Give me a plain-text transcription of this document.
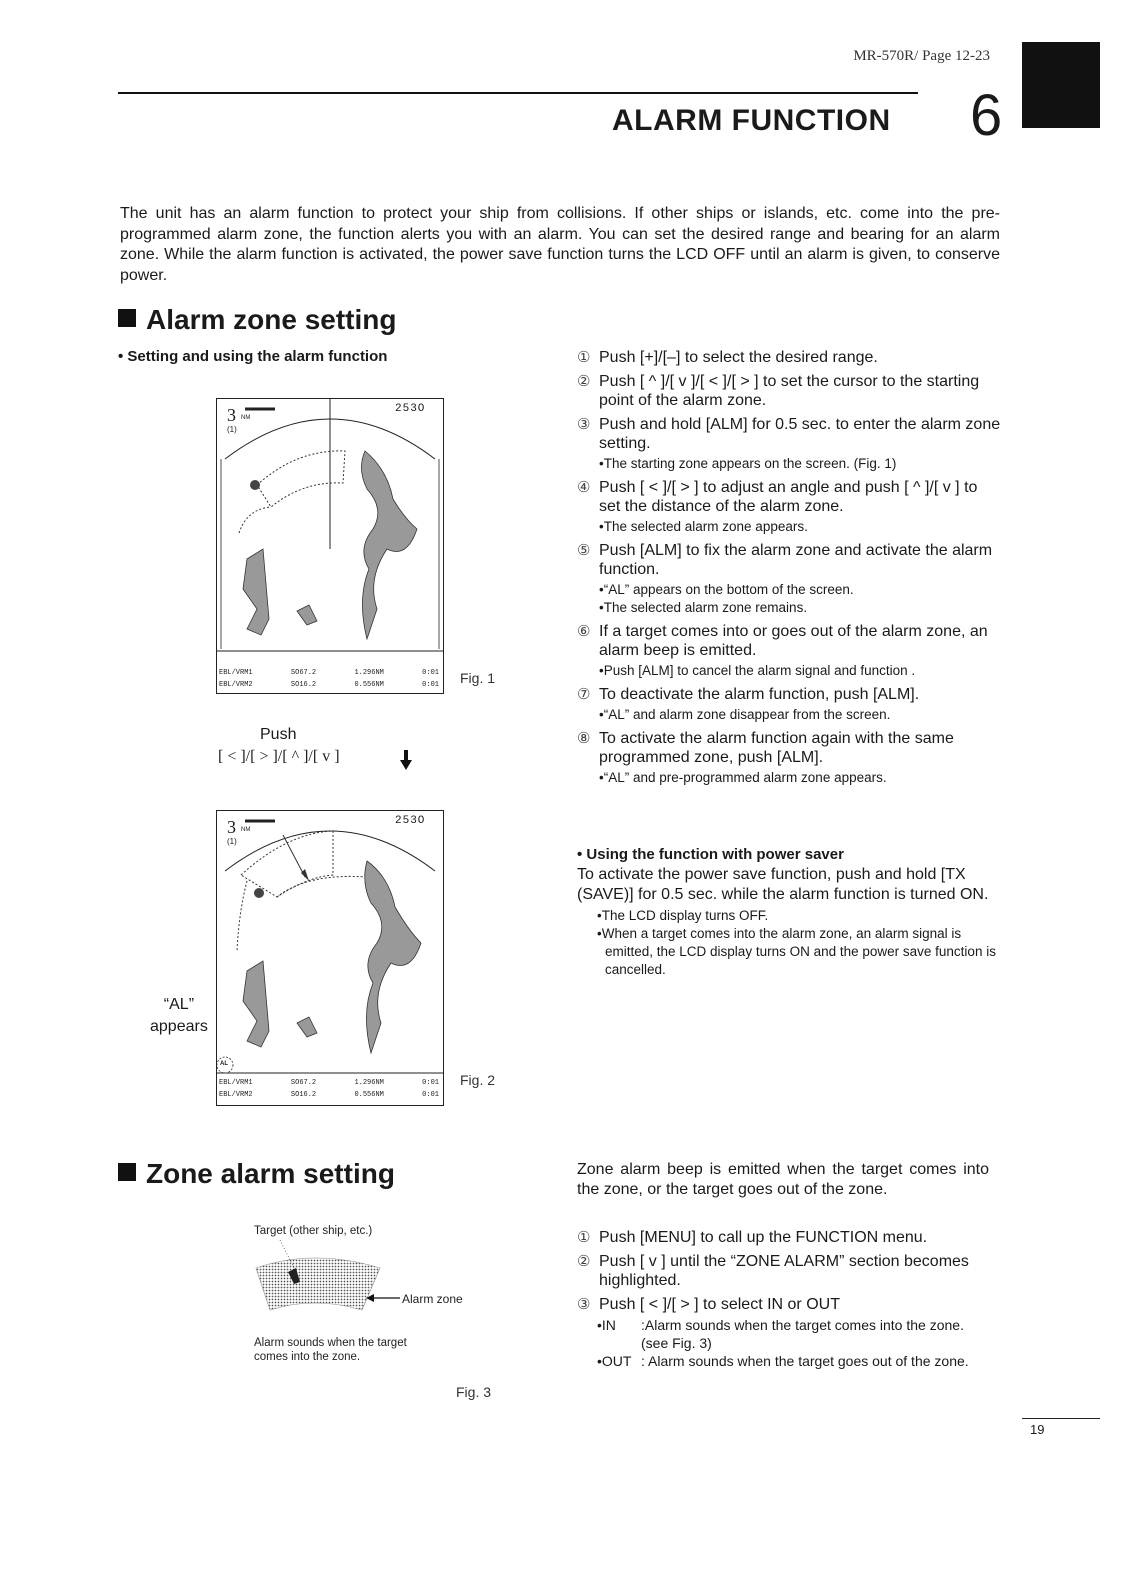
MR-570R/ Page 12-23
ALARM FUNCTION 6
The unit has an alarm function to protect your ship from collisions. If other ships or islands, etc. come into the pre-programmed alarm zone, the function alerts you with an alarm. You can set the desired range and bearing for an alarm zone. While the alarm function is activated, the power save function turns the LCD OFF until an alarm is given, to conserve power.
Alarm zone setting
• Setting and using the alarm function
3 NM
(1)
253O
EBL/VRM1	SO67.2	1.296NM	0:01
EBL/VRM2	SO16.2	0.556NM	0:01 Fig. 1
Push
[ < ]/[ > ]/[ ^ ]/[ v ]
3 NM
(1)
253O
AL
EBL/VRM1	SO67.2	1.296NM	0:01
EBL/VRM2	SO16.2	0.556NM	0:01
Fig. 2
“AL”
appears
① Push [+]/[–] to select the desired range.
② Push [ ^ ]/[ v ]/[ < ]/[ > ] to set the cursor to the starting point of the alarm zone.
③ Push and hold [ALM] for 0.5 sec. to enter the alarm zone setting.
•The starting zone appears on the screen. (Fig. 1)
④ Push [ < ]/[ > ] to adjust an angle and push [ ^ ]/[ v ] to set the distance of the alarm zone.
•The selected alarm zone appears.
⑤ Push [ALM] to fix the alarm zone and activate the alarm function.
•“AL” appears on the bottom of the screen.
•The selected alarm zone remains.
⑥ If a target comes into or goes out of the alarm zone, an alarm beep is emitted.
•Push [ALM] to cancel the alarm signal and function .
⑦ To deactivate the alarm function, push [ALM].
•“AL” and alarm zone disappear from the screen.
⑧ To activate the alarm function again with the same programmed zone, push [ALM].
•“AL” and pre-programmed alarm zone appears.
• Using the function with power saver
To activate the power save function, push and hold [TX (SAVE)] for 0.5 sec. while the alarm function is turned ON.
•The LCD display turns OFF.
•When a target comes into the alarm zone, an alarm signal is emitted, the LCD display turns ON and the power save function is cancelled.
Zone alarm setting
Target (other ship, etc.)
Alarm zone
Alarm sounds when the target
comes into the zone.
Fig. 3
Zone alarm beep is emitted when the target comes into the zone, or the target goes out of the zone.
① Push [MENU] to call up the FUNCTION menu.
② Push [ v ] until the “ZONE ALARM” section becomes highlighted.
③ Push [ < ]/[ > ] to select IN or OUT
•IN	:Alarm sounds when the target comes into the zone. (see Fig. 3)
•OUT : Alarm sounds when the target goes out of the zone.
19
